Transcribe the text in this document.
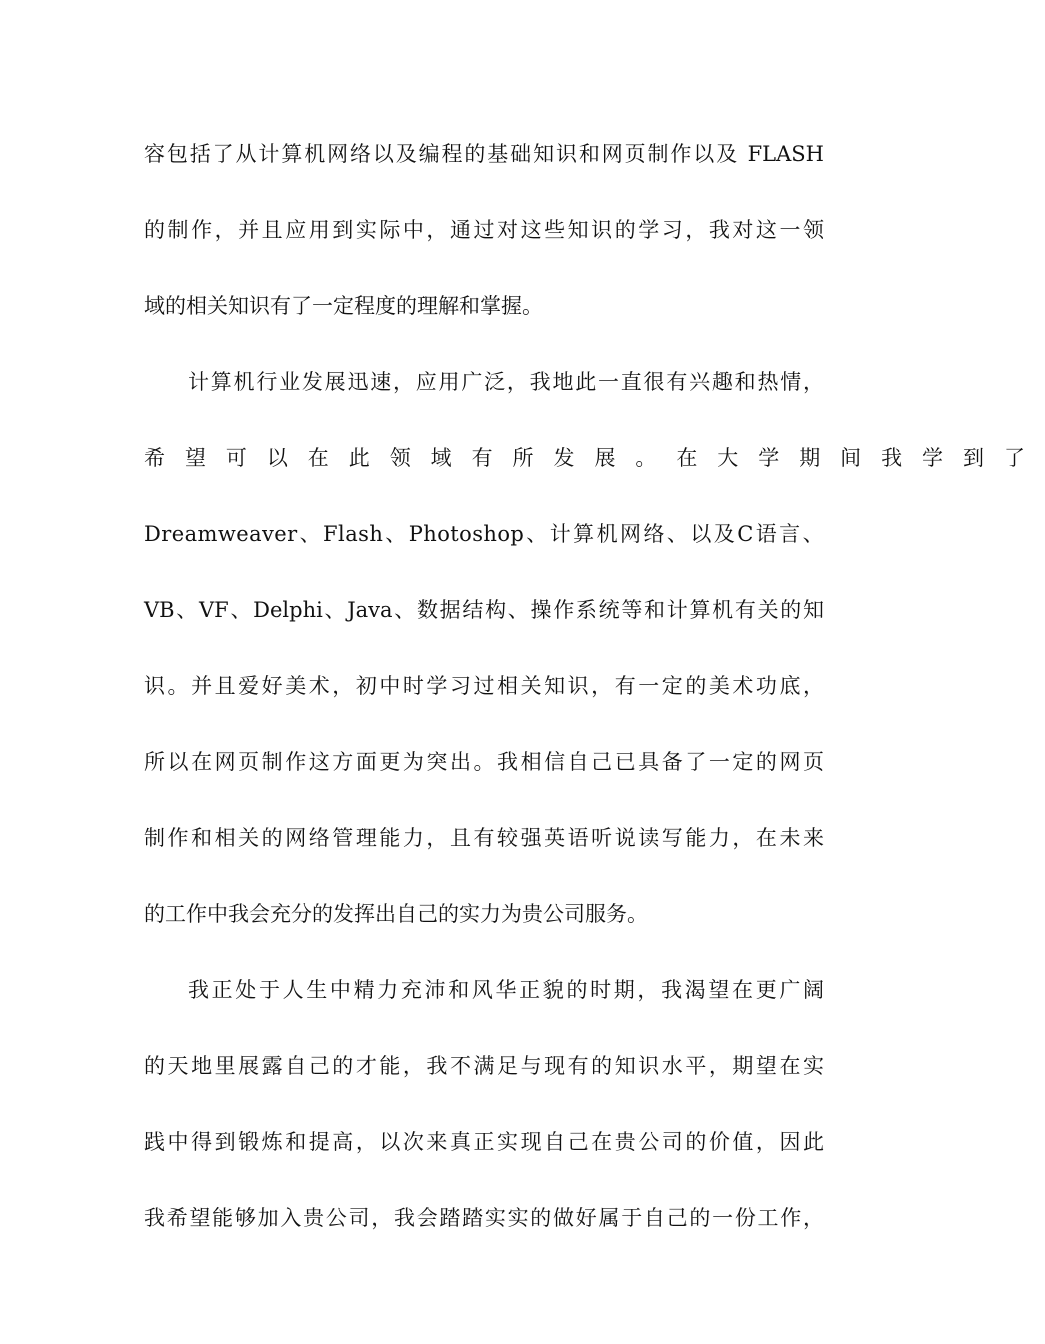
容包括了从计算机网络以及编程的基础知识和网页制作以及 FLASH
的制作，并且应用到实际中，通过对这些知识的学习，我对这一领
域的相关知识有了一定程度的理解和掌握。
计算机行业发展迅速，应用广泛，我地此一直很有兴趣和热情，
希望可以在此领域有所发展。在大学期间我学到了
Dreamweaver、Flash、Photoshop、计算机网络、以及C语言、
VB、VF、Delphi、Java、数据结构、操作系统等和计算机有关的知
识。并且爱好美术，初中时学习过相关知识，有一定的美术功底，
所以在网页制作这方面更为突出。我相信自己已具备了一定的网页
制作和相关的网络管理能力，且有较强英语听说读写能力，在未来
的工作中我会充分的发挥出自己的实力为贵公司服务。
我正处于人生中精力充沛和风华正貌的时期，我渴望在更广阔
的天地里展露自己的才能，我不满足与现有的知识水平，期望在实
践中得到锻炼和提高，以次来真正实现自己在贵公司的价值，因此
我希望能够加入贵公司，我会踏踏实实的做好属于自己的一份工作，
